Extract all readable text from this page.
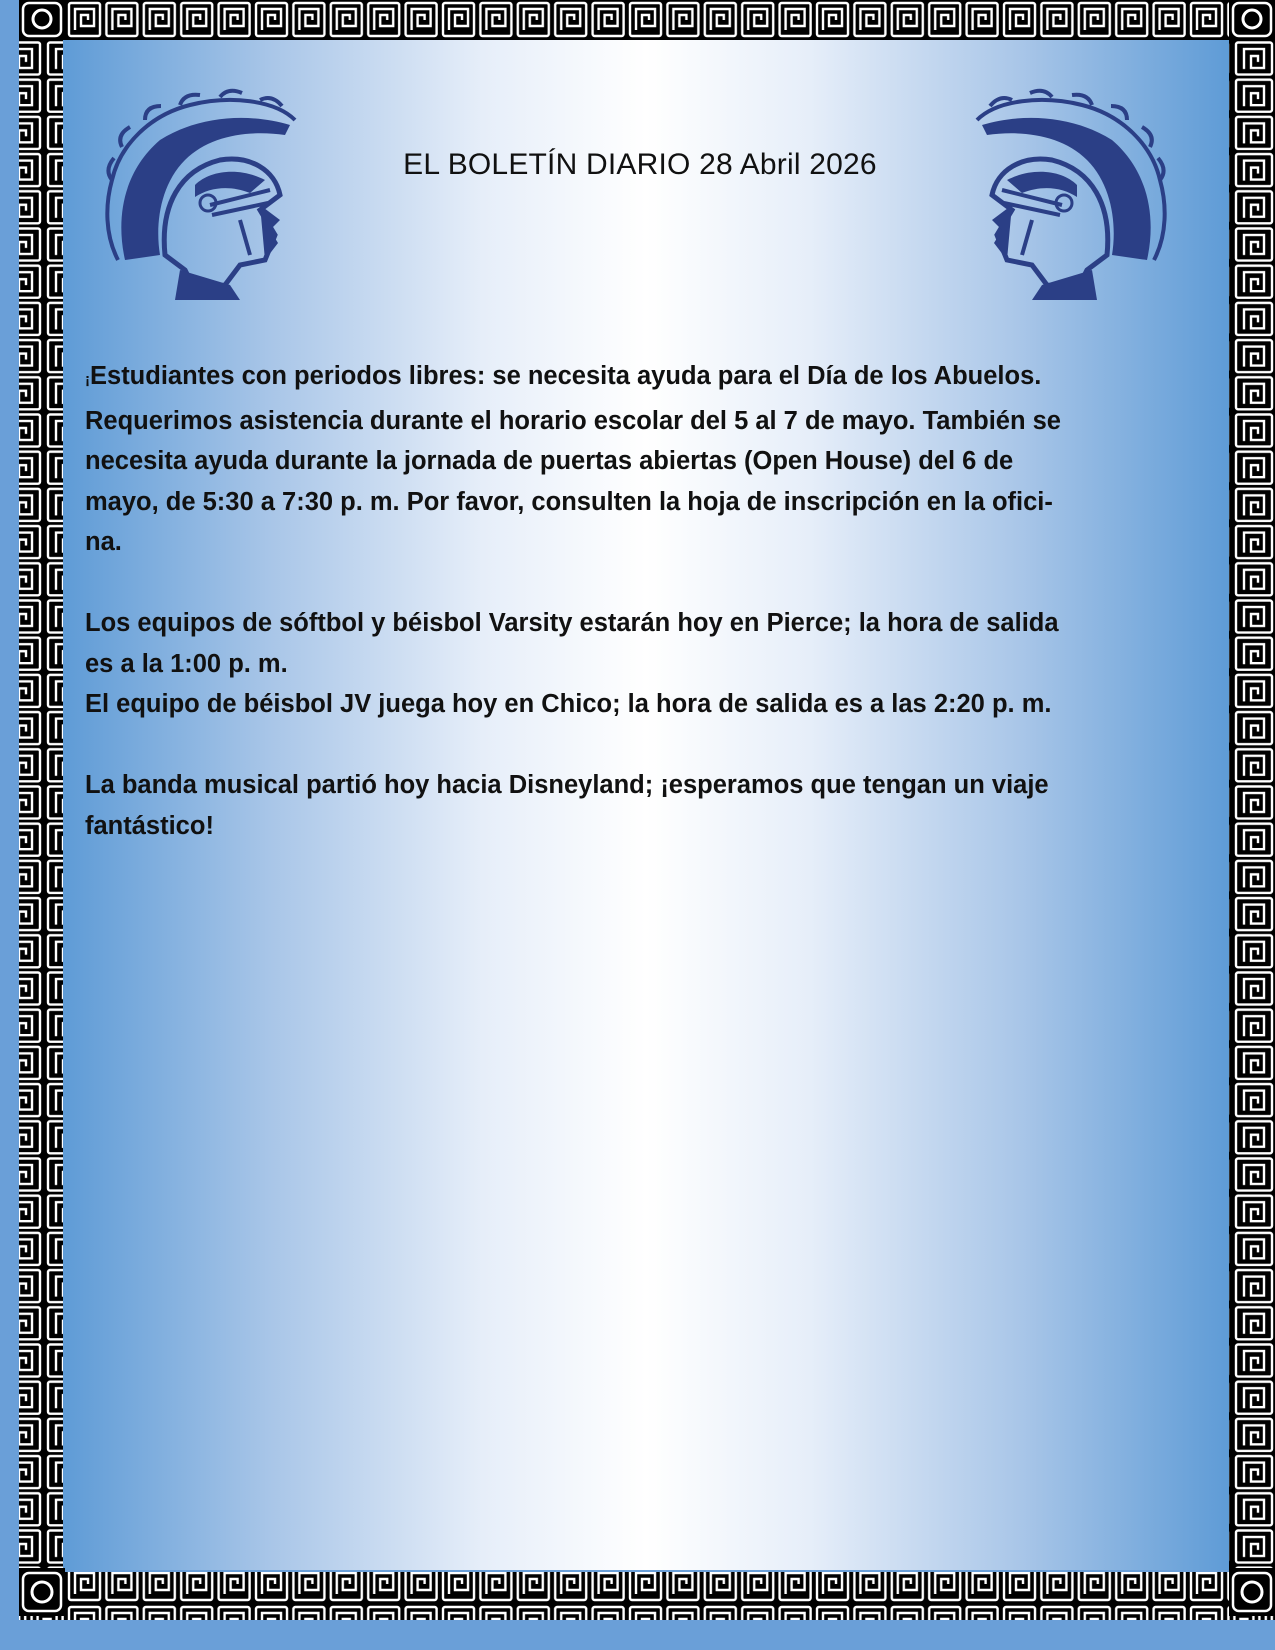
EL BOLETÍN DIARIO 28 Abril 2026
¡Estudiantes con periodos libres: se necesita ayuda para el Día de los Abuelos.
Requerimos asistencia durante el horario escolar del 5 al 7 de mayo. También se
necesita ayuda durante la jornada de puertas abiertas (Open House) del 6 de
mayo, de 5:30 a 7:30 p. m. Por favor, consulten la hoja de inscripción en la ofici-
na.
Los equipos de sóftbol y béisbol Varsity estarán hoy en Pierce; la hora de salida
es a la 1:00 p. m.
El equipo de béisbol JV juega hoy en Chico; la hora de salida es a las 2:20 p. m.
La banda musical partió hoy hacia Disneyland; ¡esperamos que tengan un viaje
fantástico!
